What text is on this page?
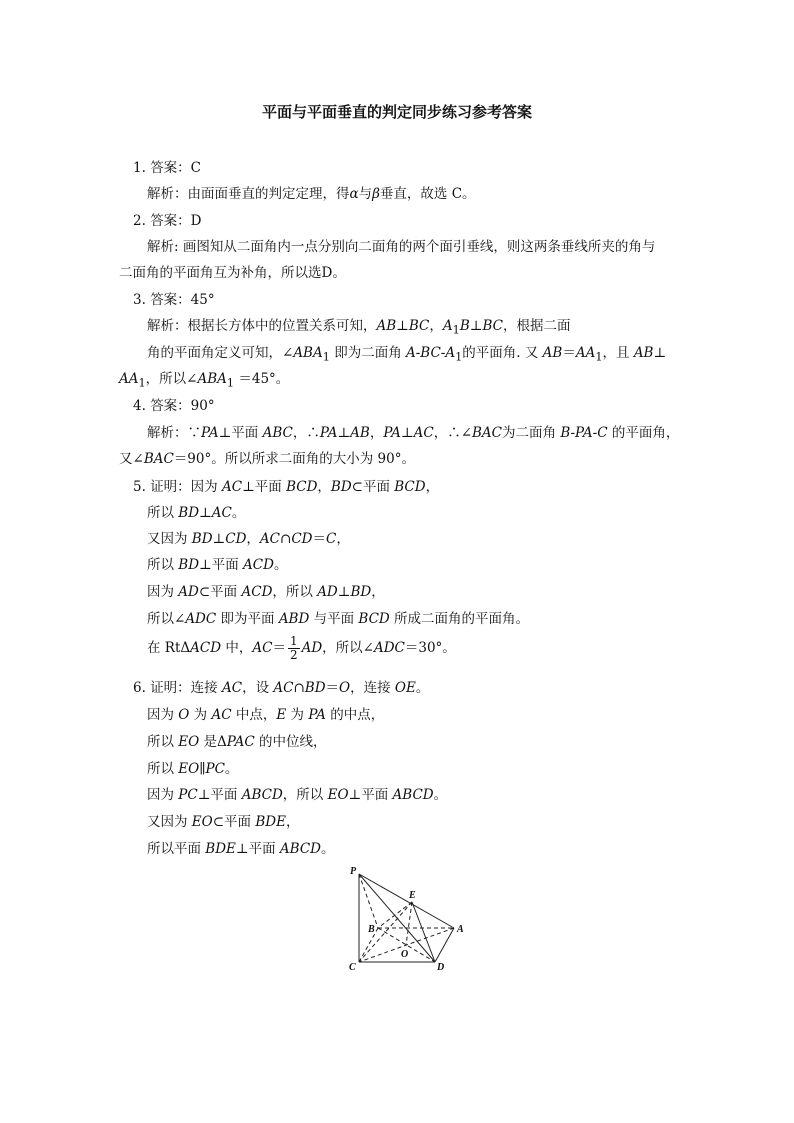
平面与平面垂直的判定同步练习参考答案
1. 答案：C
解析：由面面垂直的判定定理，得α与β垂直，故选 C。
2. 答案：D
解析: 画图知从二面角内一点分别向二面角的两个面引垂线，则这两条垂线所夹的角与
二面角的平面角互为补角，所以选D。
3. 答案：45°
解析：根据长方体中的位置关系可知，AB⊥BC，$A_1B\perp BC$，根据二面
角的平面角定义可知，$\angle ABA_1$ 即为二面角 $A-BC-A_1$的平面角. 又 $AB=AA_1$，且 AB⊥
$AA_1$，所以$\angle ABA_1 =45^\circ$。
4. 答案：90°
解析：∵PA⊥平面 ABC，∴PA⊥AB，PA⊥AC，∴∠BAC为二面角 B-PA-C 的平面角，
又∠BAC＝90°。所以所求二面角的大小为 90°。
5. 证明：因为 AC⊥平面 BCD，BD⊂平面 BCD，
所以 BD⊥AC。
又因为 BD⊥CD，AC∩CD＝C，
所以 BD⊥平面 ACD。
因为 AD⊂平面 ACD，所以 AD⊥BD，
所以∠ADC 即为平面 ABD 与平面 BCD 所成二面角的平面角。
在 RtΔACD 中，$AC= \frac{1}{2}$ AD，所以∠ADC＝30°。
6. 证明：连接 AC，设 AC∩BD＝O，连接 OE。
因为 O 为 AC 中点，E 为 PA 的中点，
所以 EO 是ΔPAC 的中位线，
所以 EO∥PC。
因为 PC⊥平面 ABCD，所以 EO⊥平面 ABCD。
又因为 EO⊂平面 BDE，
所以平面 BDE⊥平面 ABCD。
P
E
B	A
O
C	D
